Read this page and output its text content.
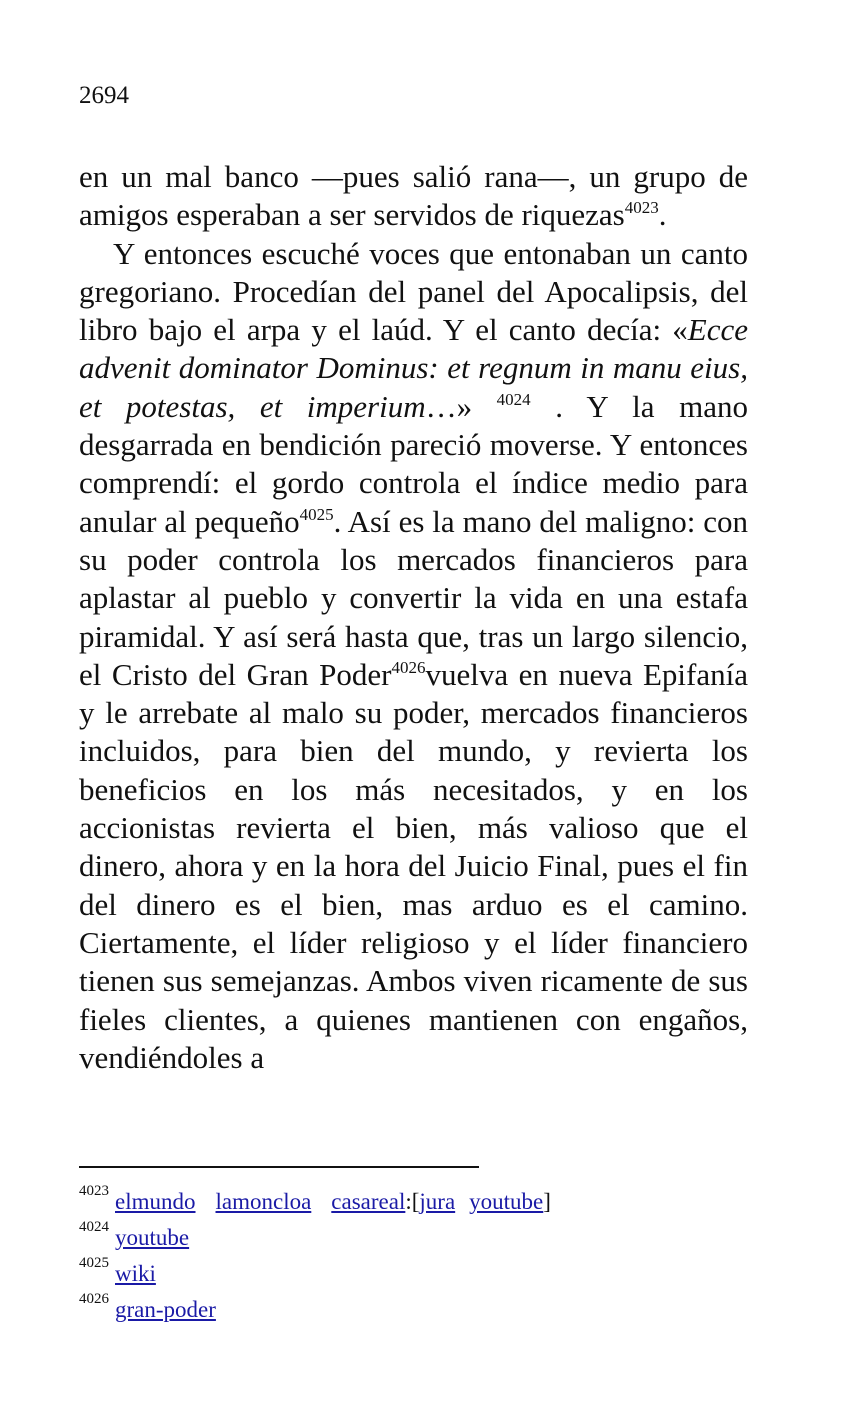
2694

en un mal banco —pues salió rana—, un grupo de amigos esperaban a ser servidos de riquezas$^{4023}$.

Y entonces escuché voces que entonaban un canto gregoriano. Procedían del panel del Apocalipsis, del libro bajo el arpa y el laúd. Y el canto decía: «Ecce advenit dominator Dominus: et regnum in manu eius, et potestas, et imperium…» $^{4024}$ . Y la mano desgarrada en bendición pareció moverse. Y entonces comprendí: el gordo controla el índice medio para anular al pequeño$^{4025}$. Así es la mano del maligno: con su poder controla los mercados financieros para aplastar al pueblo y convertir la vida en una estafa piramidal. Y así será hasta que, tras un largo silencio, el Cristo del Gran Poder$^{4026}$vuelva en nueva Epifanía y le arrebate al malo su poder, mercados financieros incluidos, para bien del mundo, y revierta los beneficios en los más necesitados, y en los accionistas revierta el bien, más valioso que el dinero, ahora y en la hora del Juicio Final, pues el fin del dinero es el bien, mas arduo es el camino. Ciertamente, el líder religioso y el líder financiero tienen sus semejanzas. Ambos viven ricamente de sus fieles clientes, a quienes mantienen con engaños, vendiéndoles a

4023 elmundo lamoncloa casareal:[jura youtube]
4024 youtube
4025 wiki
4026 gran-poder
